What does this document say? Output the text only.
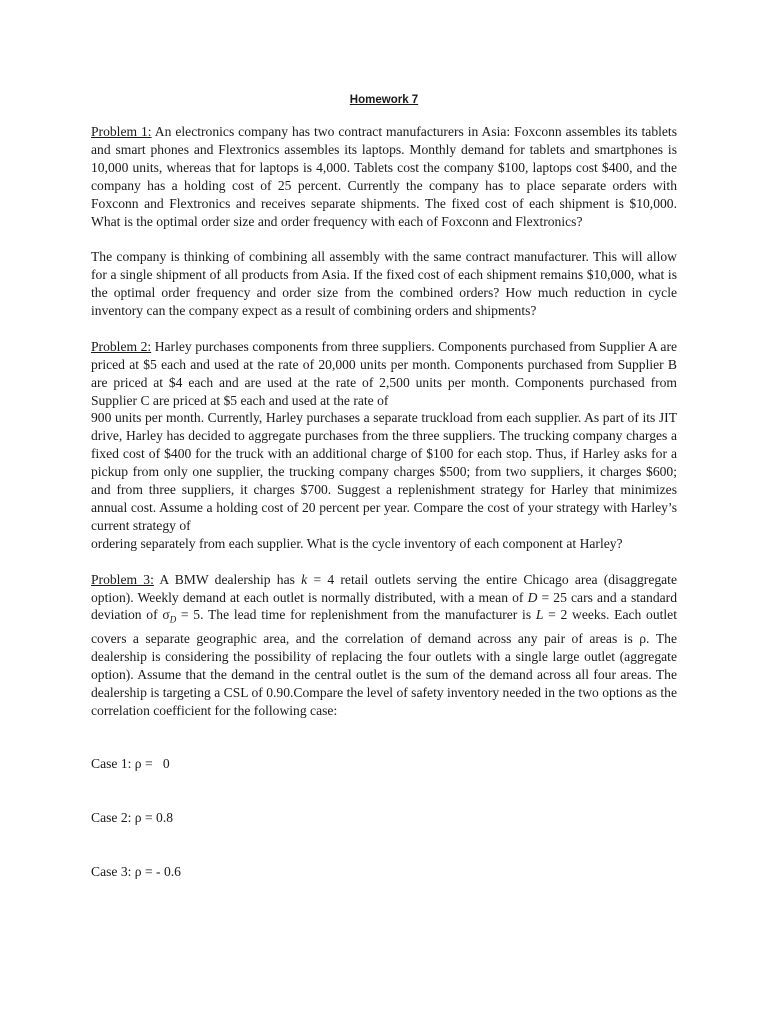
Homework 7
Problem 1: An electronics company has two contract manufacturers in Asia: Foxconn assembles its tablets and smart phones and Flextronics assembles its laptops. Monthly demand for tablets and smartphones is 10,000 units, whereas that for laptops is 4,000. Tablets cost the company $100, laptops cost $400, and the company has a holding cost of 25 percent. Currently the company has to place separate orders with Foxconn and Flextronics and receives separate shipments. The fixed cost of each shipment is $10,000. What is the optimal order size and order frequency with each of Foxconn and Flextronics?
The company is thinking of combining all assembly with the same contract manufacturer. This will allow for a single shipment of all products from Asia. If the fixed cost of each shipment remains $10,000, what is the optimal order frequency and order size from the combined orders? How much reduction in cycle inventory can the company expect as a result of combining orders and shipments?
Problem 2: Harley purchases components from three suppliers. Components purchased from Supplier A are priced at $5 each and used at the rate of 20,000 units per month. Components purchased from Supplier B are priced at $4 each and are used at the rate of 2,500 units per month. Components purchased from Supplier C are priced at $5 each and used at the rate of
900 units per month. Currently, Harley purchases a separate truckload from each supplier. As part of its JIT drive, Harley has decided to aggregate purchases from the three suppliers. The trucking company charges a fixed cost of $400 for the truck with an additional charge of $100 for each stop. Thus, if Harley asks for a pickup from only one supplier, the trucking company charges $500; from two suppliers, it charges $600; and from three suppliers, it charges $700. Suggest a replenishment strategy for Harley that minimizes annual cost. Assume a holding cost of 20 percent per year. Compare the cost of your strategy with Harley’s current strategy of
ordering separately from each supplier. What is the cycle inventory of each component at Harley?
Problem 3: A BMW dealership has k = 4 retail outlets serving the entire Chicago area (disaggregate option). Weekly demand at each outlet is normally distributed, with a mean of D = 25 cars and a standard deviation of $\sigma_D = 5$. The lead time for replenishment from the manufacturer is L = 2 weeks. Each outlet covers a separate geographic area, and the correlation of demand across any pair of areas is ρ. The dealership is considering the possibility of replacing the four outlets with a single large outlet (aggregate option). Assume that the demand in the central outlet is the sum of the demand across all four areas. The dealership is targeting a CSL of 0.90.Compare the level of safety inventory needed in the two options as the correlation coefficient for the following case:

Case 1: ρ =   0

Case 2: ρ = 0.8

Case 3: ρ = - 0.6
